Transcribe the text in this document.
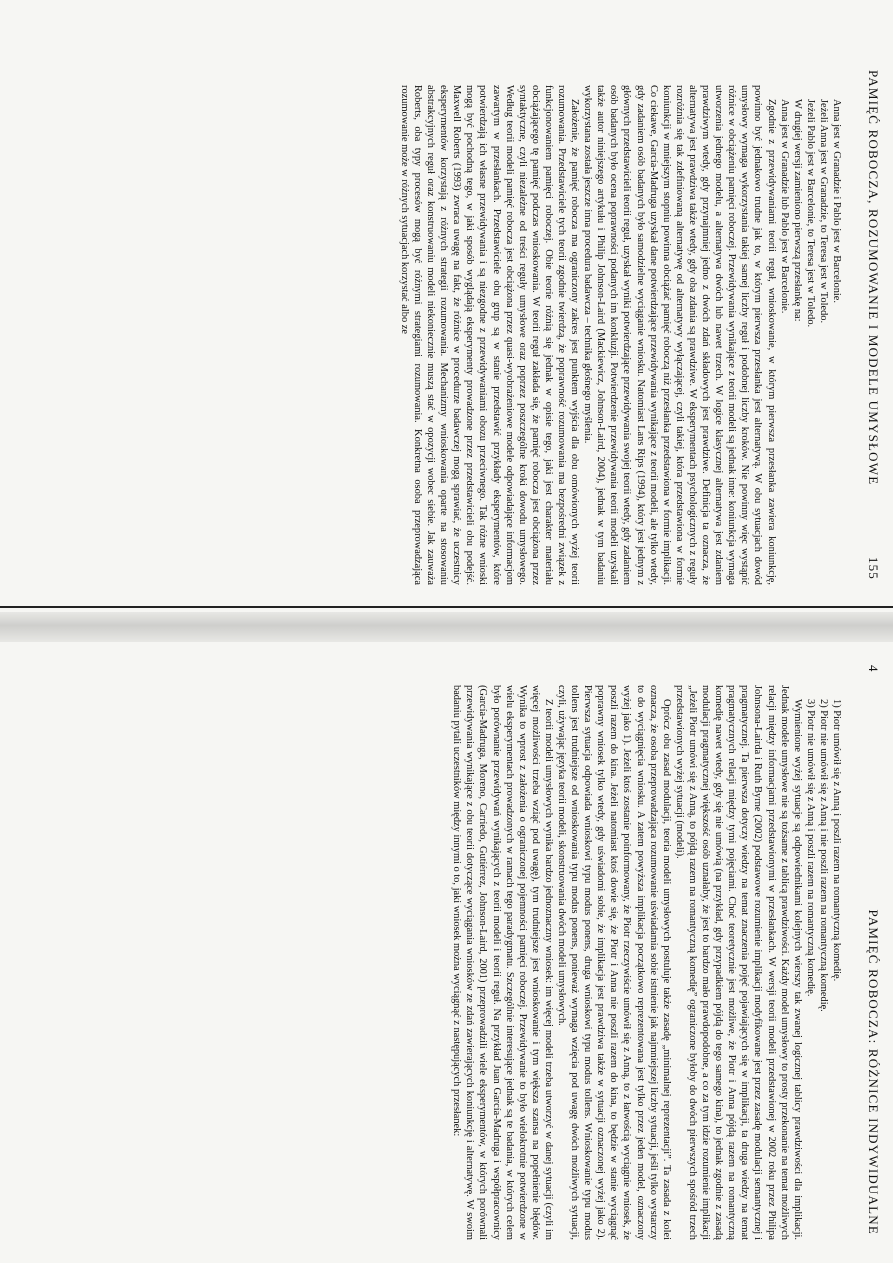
PAMIĘĆ ROBOCZA, ROZUMOWANIE I MODELE UMYSŁOWE
155
Anna jest w Granadzie i Pablo jest w Barcelonie.
Jeżeli Anna jest w Granadzie, to Teresa jest w Toledo.
Jeżeli Pablo jest w Barcelonie, to Teresa jest w Toledo.
W drugiej wersji zamieniono pierwszą przesłankę na:
Anna jest w Granadzie lub Pablo jest w Barcelonie.

Zgodnie z przewidywaniami teorii reguł, wnioskowanie, w którym pierwsza przesłanka zawiera koniunkcję, powinno być jednakowo trudne jak to, w którym pierwsza przesłanka jest alternatywą. W obu sytuacjach dowód umysłowy wymaga wykorzystania takiej samej liczby reguł i podobnej liczby kroków. Nie powinny więc wystąpić różnice w obciążeniu pamięci roboczej. Przewidywania wynikające z teorii modeli są jednak inne: koniunkcja wymaga utworzenia jednego modelu, a alternatywa dwóch lub nawet trzech. W logice klasycznej alternatywa jest zdaniem prawdziwym wtedy, gdy przynajmniej jedno z dwóch zdań składowych jest prawdziwe. Definicja ta oznacza, że alternatywa jest prawdziwa także wtedy, gdy oba zdania są prawdziwe. W eksperymentach psychologicznych z reguły rozróżnia się tak zdefiniowaną alternatywę od alternatywy wyłączającej, czyli takiej, która przedstawiona w formie koniunkcji w mniejszym stopniu powinna obciążać pamięć roboczą niż przesłanka przedstawiona w formie implikacji. Co ciekawe, García-Madruga uzyskał dane potwierdzające przewidywania wynikające z teorii modeli, ale tylko wtedy, gdy zadaniem osób badanych było samodzielne wyciąganie wniosku. Natomiast Lans Rips (1994), który jest jednym z głównych przedstawicieli teorii reguł, uzyskał wyniki potwierdzające przewidywania swojej teorii wtedy, gdy zadaniem osób badanych było ocena poprawności podanych im konkluzji. Potwierdzenie przewidywania teorii modeli uzyskali także autor niniejszego artykułu i Philip Johnson-Laird (Mackiewicz, Johnson-Laird, 2004), jednak w tym badaniu wykorzystana została jeszcze inna procedura badawcza – technika głośnego myślenia.

Założenie, że pamięć robocza ma ograniczony zakres jest punktem wyjścia dla obu omówionych wyżej teorii rozumowania. Przedstawiciele tych teorii zgodnie twierdzą, że poprawność rozumowania ma bezpośredni związek z funkcjonowaniem pamięci roboczej. Obie teorie różnią się jednak w opisie tego, jaki jest charakter materiału obciążającego tę pamięć podczas wnioskowania. W teorii reguł zakłada się, że pamięć robocza jest obciążona przez syntaktyczne, czyli niezależne od treści reguły umysłowe oraz poprzez poszczególne kroki dowodu umysłowego. Według teorii modeli pamięć robocza jest obciążona przez quasi-wyobrażeniowe modele odpowiadające informacjom zawartym w przesłankach. Przedstawiciele obu grup są w stanie przedstawić przykłady eksperymentów, które potwierdzają ich własne przewidywania i są niezgodne z przewidywaniami obozu przeciwnego. Tak różne wnioski mogą być pochodną tego, w jaki sposób wyglądają eksperymenty prowadzone przez przedstawicieli obu podejść. Maxwell Roberts (1993) zwraca uwagę na fakt, że różnice w procedurze badawczej mogą sprawiać, że uczestnicy eksperymentów korzystają z różnych strategii rozumowania. Mechanizmy wnioskowania oparte na stosowaniu abstrakcyjnych reguł oraz konstruowaniu modeli niekoniecznie muszą stać w opozycji wobec siebie. Jak zauważa Roberts, oba typy procesów mogą być różnymi strategiami rozumowania. Konkretna osoba przeprowadzająca rozumowanie może w różnych sytuacjach korzystać albo ze

4
PAMIĘĆ ROBOCZA: RÓŻNICE INDYWIDUALNE
1) Piotr umówił się z Anną i poszli razem na romantyczną komedię.
2) Piotr nie umówił się z Anną i nie poszli razem na romantyczną komedię.
3) Piotr nie umówił się z Anną i poszli razem na romantyczną komedię.

Wymienione wyżej sytuacje są odpowiednikami kolejnych wierszy tak zwanej logicznej tablicy prawdziwości dla implikacji. Jednak modele umysłowe nie są tożsame z tablicą prawdziwości. Każdy model umysłowy to prosty przekonanie na temat możliwych relacji między informacjami przedstawionymi w przesłankach. W wersji teorii modeli przedstawionej w 2002 roku przez Philipa Johnsona-Lairda i Ruth Byrne (2002) podstawowe rozumienie implikacji modyfikowane jest przez zasadę modulacji semantycznej i pragmatycznej. Ta pierwsza dotyczy wiedzy na temat znaczenia pojęć pojawiających się w implikacji, ta druga wiedzy na temat pragmatycznych relacji między tymi pojęciami. Choć teoretycznie jest możliwe, że Piotr i Anna pójdą razem na romantyczną komedię nawet wtedy, gdy się nie umówią (na przykład, gdy przypadkiem pójdą do tego samego kina), to jednak zgodnie z zasadą modulacji pragmatycznej większość osób uznałaby, że jest to bardzo mało prawdopodobne, a co za tym idzie rozumienie implikacji „Jeżeli Piotr umówi się z Anną, to pójdą razem na romantyczną komedię” ograniczone byłoby do dwóch pierwszych spośród trzech przedstawionych wyżej sytuacji (modeli).

Oprócz obu zasad modulacji, teoria modeli umysłowych postuluje także zasadę „minimalnej reprezentacji”. Ta zasada z kolei oznacza, że osoba przeprowadzająca rozumowanie uświadamia sobie istnienie jak najmniejszej liczby sytuacji, jeśli tylko wystarczy to do wyciągnięcia wniosku. A zatem powyższa implikacja początkowo reprezentowana jest tylko przez jeden model, oznaczony wyżej jako 1). Jeżeli ktoś zostanie poinformowany, że Piotr rzeczywiście umówił się z Anną, to z łatwością wyciągnie wniosek, że poszli razem do kina. Jeżeli natomiast ktoś dowie się, że Piotr i Anna nie poszli razem do kina, to będzie w stanie wyciągnąć poprawny wniosek tylko wtedy, gdy uświadomi sobie, że implikacja jest prawdziwa także w sytuacji oznaczonej wyżej jako 2). Pierwsza sytuacja odpowiada wnioskowi typu modus ponens, druga wnioskowi typu modus tollens. Wnioskowanie typu modus tollens jest trudniejsze od wnioskowania typu modus ponens, ponieważ wymaga wzięcia pod uwagę dwóch możliwych sytuacji, czyli, używając języka teorii modeli, skonstruowania dwóch modeli umysłowych.

Z teorii modeli umysłowych wynika bardzo jednoznaczny wniosek: im więcej modeli trzeba utworzyć w danej sytuacji (czyli im więcej możliwości trzeba wziąć pod uwagę), tym trudniejsze jest wnioskowanie i tym większa szansa na popełnienie błędów. Wynika to wprost z założenia o ograniczonej pojemności pamięci roboczej. Przewidywanie to było wielokrotnie potwierdzone w wielu eksperymentach prowadzonych w ramach tego paradygmatu. Szczególnie interesujące jednak są te badania, w których celem było porównanie przewidywań wynikających z teorii modeli i teorii reguł. Na przykład Juan García-Madruga i współpracownicy (García-Madruga, Moreno, Carriedo, Gutiérrez, Johnson-Laird, 2001) przeprowadzili wiele eksperymentów, w których porównali przewidywania wynikające z obu teorii dotyczące wyciągania wniosków ze zdań zawierających koniunkcję i alternatywę. W swoim badaniu pytali uczestników między innymi o to, jaki wniosek można wyciągnąć z następujących przesłanek:
